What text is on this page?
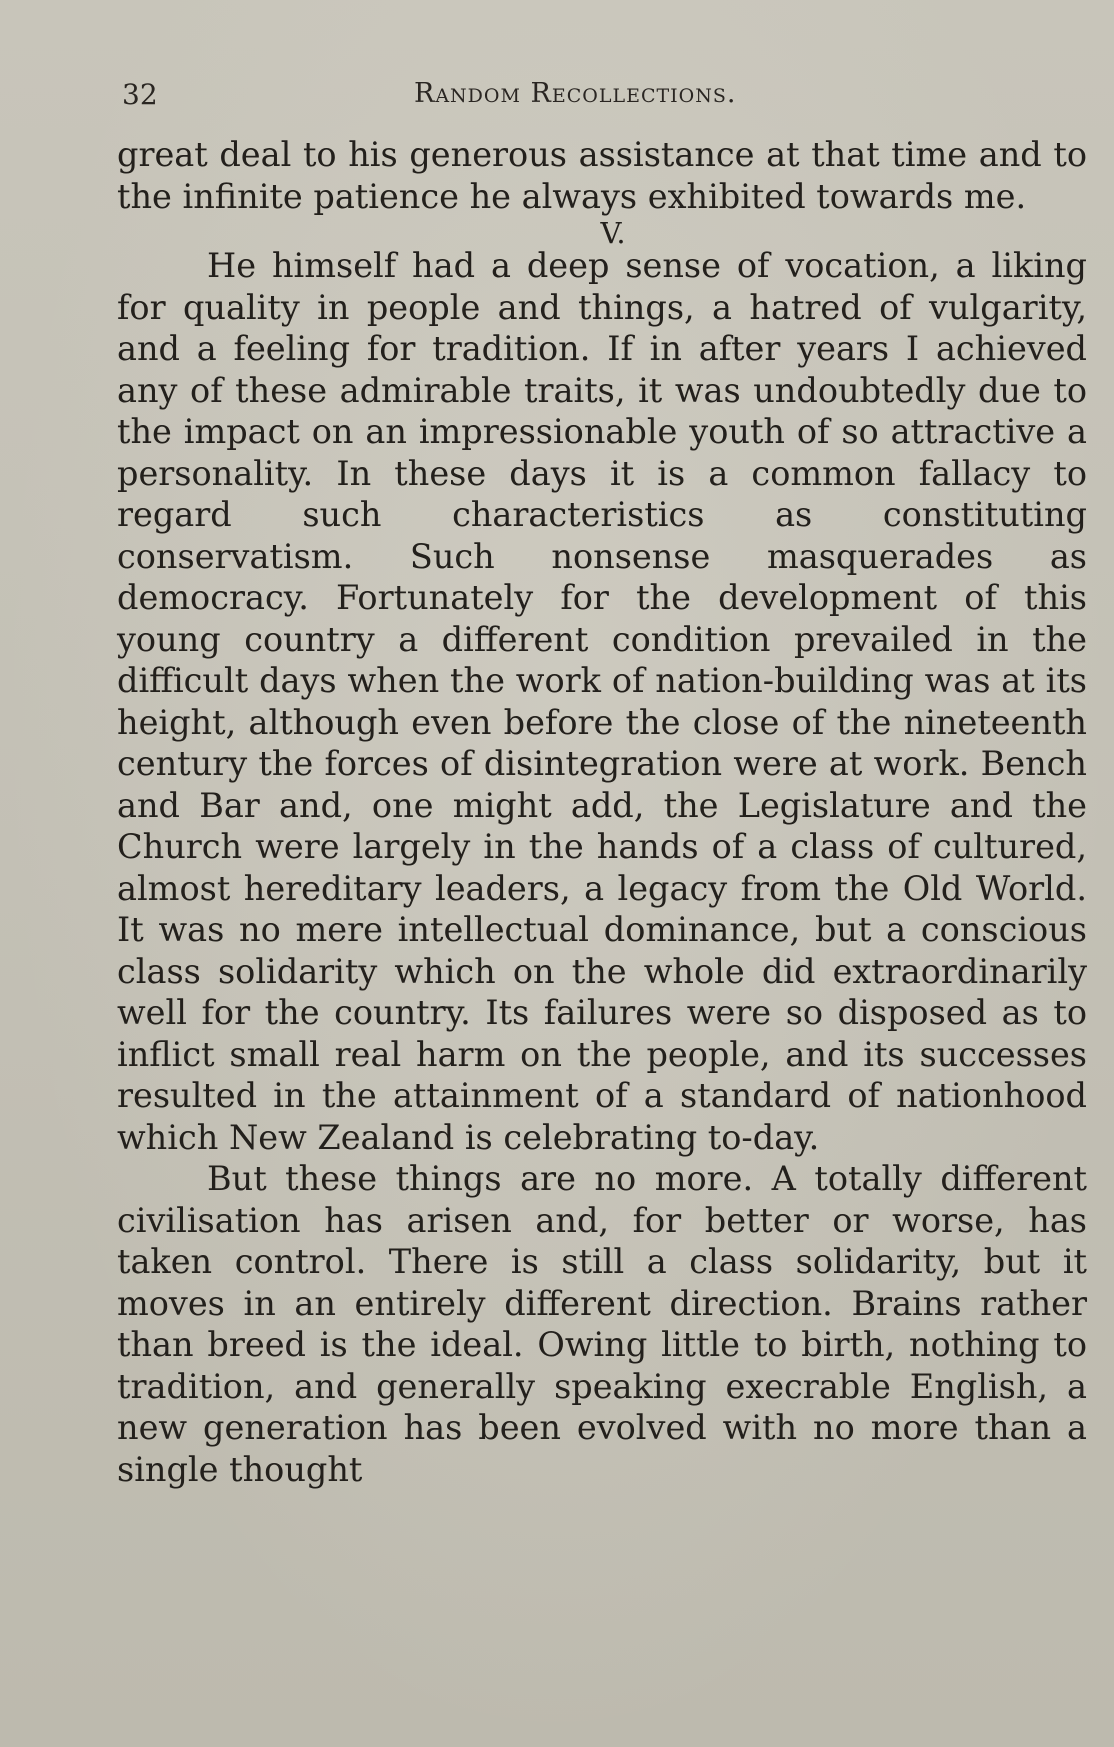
32	Random Recollections.

great deal to his generous assistance at that time and to the infinite patience he always exhibited towards me.

V.

He himself had a deep sense of vocation, a liking for quality in people and things, a hatred of vulgarity, and a feeling for tradition. If in after years I achieved any of these admirable traits, it was undoubtedly due to the impact on an impressionable youth of so attractive a personality. In these days it is a common fallacy to regard such characteristics as constituting conservatism. Such nonsense masquerades as democracy. Fortunately for the development of this young country a different condition prevailed in the difficult days when the work of nation-building was at its height, although even before the close of the nineteenth century the forces of disintegration were at work. Bench and Bar and, one might add, the Legislature and the Church were largely in the hands of a class of cultured, almost hereditary leaders, a legacy from the Old World. It was no mere intellectual dominance, but a conscious class solidarity which on the whole did extraordinarily well for the country. Its failures were so disposed as to inflict small real harm on the people, and its successes resulted in the attainment of a standard of nationhood which New Zealand is celebrating to-day.

But these things are no more. A totally different civilisation has arisen and, for better or worse, has taken control. There is still a class solidarity, but it moves in an entirely different direction. Brains rather than breed is the ideal. Owing little to birth, nothing to tradition, and generally speaking execrable English, a new generation has been evolved with no more than a single thought
